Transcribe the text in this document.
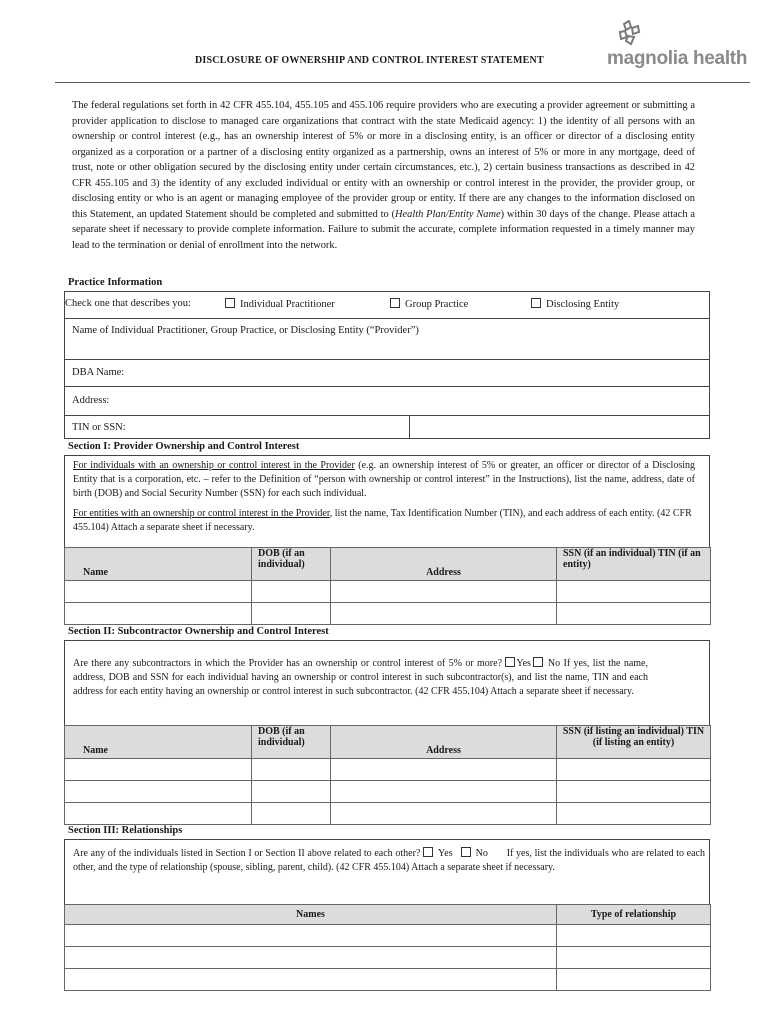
DISCLOSURE OF OWNERSHIP AND CONTROL INTEREST STATEMENT	magnolia health
The federal regulations set forth in 42 CFR 455.104, 455.105 and 455.106 require providers who are executing a provider agreement or submitting a provider application to disclose to managed care organizations that contract with the state Medicaid agency: 1) the identity of all persons with an ownership or control interest (e.g., has an ownership interest of 5% or more in a disclosing entity, is an officer or director of a disclosing entity organized as a corporation or a partner of a disclosing entity organized as a partnership, owns an interest of 5% or more in any mortgage, deed of trust, note or other obligation secured by the disclosing entity under certain circumstances, etc.), 2) certain business transactions as described in 42 CFR 455.105 and 3) the identity of any excluded individual or entity with an ownership or control interest in the provider, the provider group, or disclosing entity or who is an agent or managing employee of the provider group or entity. If there are any changes to the information disclosed on this Statement, an updated Statement should be completed and submitted to (Health Plan/Entity Name) within 30 days of the change. Please attach a separate sheet if necessary to provide complete information. Failure to submit the accurate, complete information requested in a timely manner may lead to the termination or denial of enrollment into the network.
Practice Information
Check one that describes you:	Individual Practitioner	Group Practice	Disclosing Entity
Name of Individual Practitioner, Group Practice, or Disclosing Entity (“Provider”)
DBA Name:
Address:
TIN or SSN:
Section I: Provider Ownership and Control Interest
For individuals with an ownership or control interest in the Provider (e.g. an ownership interest of 5% or greater, an officer or director of a Disclosing Entity that is a corporation, etc. – refer to the Definition of “person with ownership or control interest” in the Instructions), list the name, address, date of birth (DOB) and Social Security Number (SSN) for each such individual.
For entities with an ownership or control interest in the Provider, list the name, Tax Identification Number (TIN), and each address of each entity. (42 CFR 455.104) Attach a separate sheet if necessary.
Name	DOB (if an individual)	Address	SSN (if an individual) TIN (if an entity)

Section II: Subcontractor Ownership and Control Interest
Are there any subcontractors in which the Provider has an ownership or control interest of 5% or more? Yes No If yes, list the name, address, DOB and SSN for each individual having an ownership or control interest in such subcontractor(s), and list the name, TIN and each address for each entity having an ownership or control interest in such subcontractor. (42 CFR 455.104) Attach a separate sheet if necessary.
Name	DOB (if an individual)	Address	SSN (if listing an individual) TIN (if listing an entity)

Section III: Relationships
Are any of the individuals listed in Section I or Section II above related to each other? Yes No If yes, list the individuals who are related to each other, and the type of relationship (spouse, sibling, parent, child). (42 CFR 455.104) Attach a separate sheet if necessary.
Names	Type of relationship
